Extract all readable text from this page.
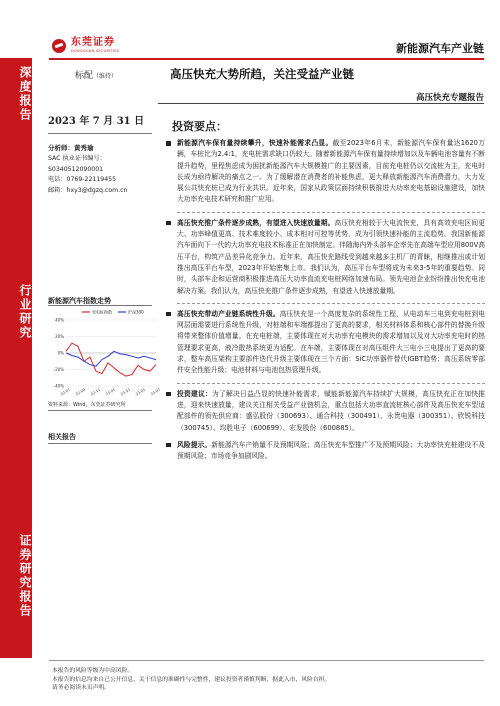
东莞证券
DONGGUAN SECURITIES	新能源汽车产业链
深度报告
行业研究
证券研究报告
标配（维持）	高压快充大势所趋，关注受益产业链
高压快充专题报告
2023 年 7 月 31 日
分析师：黄秀瑜
SAC 执业证书编号：
S0340512090001
电话：0769-22119455
邮箱：hxy3@dgzq.com.cn
新能源汽车指数走势
40%
20%
0%
-20%
-40%
22-07 22-09 22-11 23-01 23-03 23-05 23-07
充电桩指数	沪深300
资料来源：Wind，东莞证券研究所
相关报告
投资要点：
新能源汽车保有量持续攀升，快速补能需求凸显。截至2023年6月末，新能源汽车保有量达1620万辆，车桩比为2.4:1，充电桩需求缺口仍较大。随着新能源汽车保有量持续增加以及车辆电池容量有不断提升趋势，里程焦虑成为困扰新能源汽车大规模推广的主要因素，目前充电桩仍以交流桩为主，充电时长成为亟待解决的痛点之一。为了缓解潜在消费者的补能焦虑，更大释放新能源汽车消费潜力，大力发展公共快充桩已成为行业共识。近年来，国家从政策层面持续积极推进大功率充电基础设施建设，加快大功率充电技术研究和推广应用。
高压快充推广条件逐步成熟，有望进入快速放量期。高压快充相较于大电流快充，具有高效充电区间更大、功率峰值更高、技术难度较小、成本相对可控等优势，成为引领快速补能的主流趋势。我国新能源汽车面向下一代的大功率充电技术标准正在加快制定。伴随海内外头部车企率先在高端车型应用800V高压平台，构筑产品差异化竞争力。近年来，高压快充路线受到越来越多主机厂的青睐，相继推出或计划推出高压平台车型，2023年开始密集上市。我们认为，高压平台车型将成为未来3-5年的重要趋势。同时，头部车企和运营商积极推进高压大功率直流充电桩网络加速布局。领先电池企业纷纷推出快充电池解决方案。我们认为，高压快充推广条件逐步成熟，有望进入快速放量期。
高压快充带动产业链系统性升级。高压快充是一个高度复杂的系统性工程，从电动车三电到充电桩到电网层面需要进行系统性升级，对桩端和车端都提出了更高的要求，相关材料体系和核心部件的替换升级将带来整体价值增量。在充电桩端，主要体现在对大功率充电模块的需求增加以及对大功率充电时的热管理要求更高，液冷散热系统更为适配。在车端，主要体现在对高压组件大三电小三电提出了更高的要求，整车高压架构主要部件迭代升级主要体现在三个方面：SiC功率器件替代IGBT趋势；高压系统零部件安全性能升级；电池材料与电池包热管理升级。
投资建议：为了解决日益凸显的快速补能需求，赋能新能源汽车持续扩大规模，高压快充正在加快推进，迎来快速放量，建议关注相关受益产业链机会，重点包括大功率直流桩核心部件及高压快充车型适配部件的领先供应商：盛弘股份（300693）、通合科技（300491）、永贵电器（300351）、欣锐科技（300745）、均胜电子（600699）、宏发股份（600885）。
风险提示。新能源汽车产销量不及预期风险；高压快充车型推广不及预期风险；大功率快充桩建设不及预期风险；市场竞争加剧风险。
本报告的风险等级为中高风险。
本报告的信息均来自已公开信息，关于信息的准确性与完整性，建议投资者谨慎判断，据此入市，风险自担。
请务必阅读末页声明。
